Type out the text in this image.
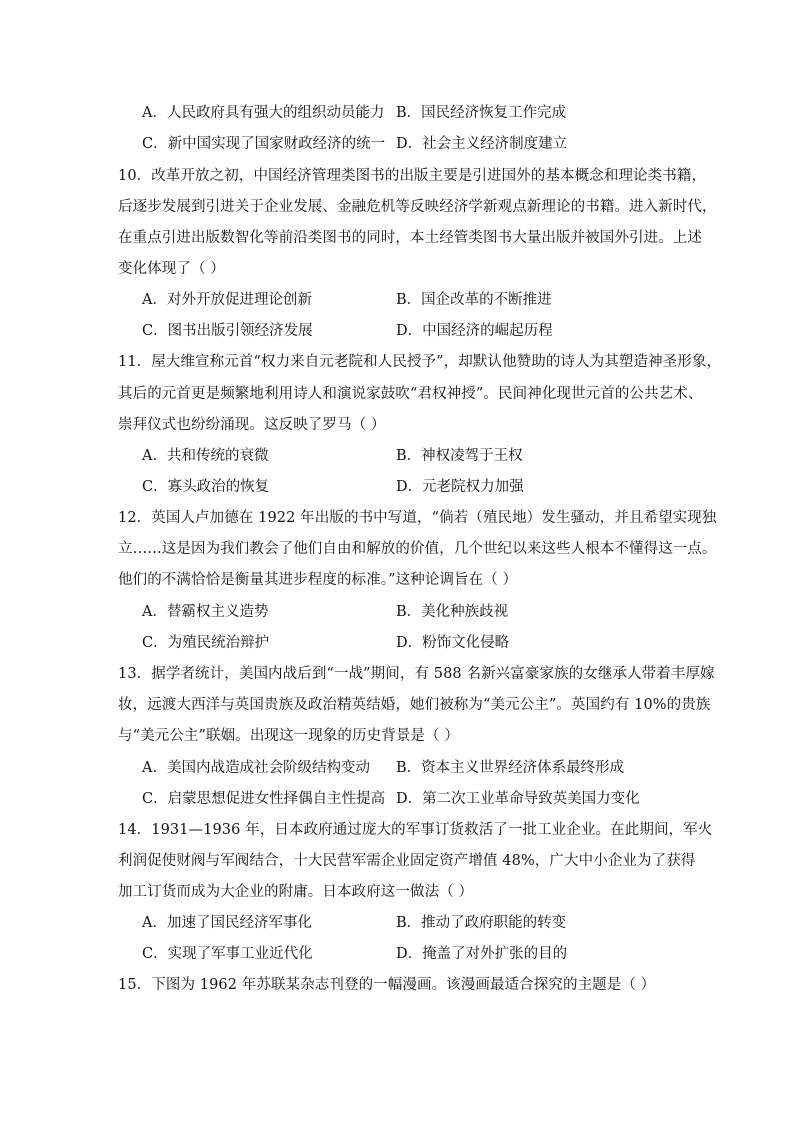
A．人民政府具有强大的组织动员能力 B．国民经济恢复工作完成
C．新中国实现了国家财政经济的统一 D．社会主义经济制度建立
10．改革开放之初，中国经济管理类图书的出版主要是引进国外的基本概念和理论类书籍，
后逐步发展到引进关于企业发展、金融危机等反映经济学新观点新理论的书籍。进入新时代，
在重点引进出版数智化等前沿类图书的同时，本土经管类图书大量出版并被国外引进。上述
变化体现了（ ）
A．对外开放促进理论创新	B．国企改革的不断推进
C．图书出版引领经济发展	D．中国经济的崛起历程
11．屋大维宣称元首“权力来自元老院和人民授予”，却默认他赞助的诗人为其塑造神圣形象，
其后的元首更是频繁地利用诗人和演说家鼓吹“君权神授”。民间神化现世元首的公共艺术、
崇拜仪式也纷纷涌现。这反映了罗马（ ）
A．共和传统的衰微	B．神权凌驾于王权
C．寡头政治的恢复	D．元老院权力加强
12．英国人卢加德在 1922 年出版的书中写道，“倘若（殖民地）发生骚动，并且希望实现独
立……这是因为我们教会了他们自由和解放的价值，几个世纪以来这些人根本不懂得这一点。
他们的不满恰恰是衡量其进步程度的标准。”这种论调旨在（ ）
A．替霸权主义造势	B．美化种族歧视
C．为殖民统治辩护	D．粉饰文化侵略
13．据学者统计，美国内战后到“一战”期间，有 588 名新兴富豪家族的女继承人带着丰厚嫁
妆，远渡大西洋与英国贵族及政治精英结婚，她们被称为“美元公主”。英国约有 10%的贵族
与“美元公主”联姻。出现这一现象的历史背景是（ ）
A．美国内战造成社会阶级结构变动 B．资本主义世界经济体系最终形成
C．启蒙思想促进女性择偶自主性提高 D．第二次工业革命导致英美国力变化
14．1931—1936 年，日本政府通过庞大的军事订货救活了一批工业企业。在此期间，军火
利润促使财阀与军阀结合，十大民营军需企业固定资产增值 48%，广大中小企业为了获得
加工订货而成为大企业的附庸。日本政府这一做法（ ）
A．加速了国民经济军事化	B．推动了政府职能的转变
C．实现了军事工业近代化	D．掩盖了对外扩张的目的
15．下图为 1962 年苏联某杂志刊登的一幅漫画。该漫画最适合探究的主题是（ ）
